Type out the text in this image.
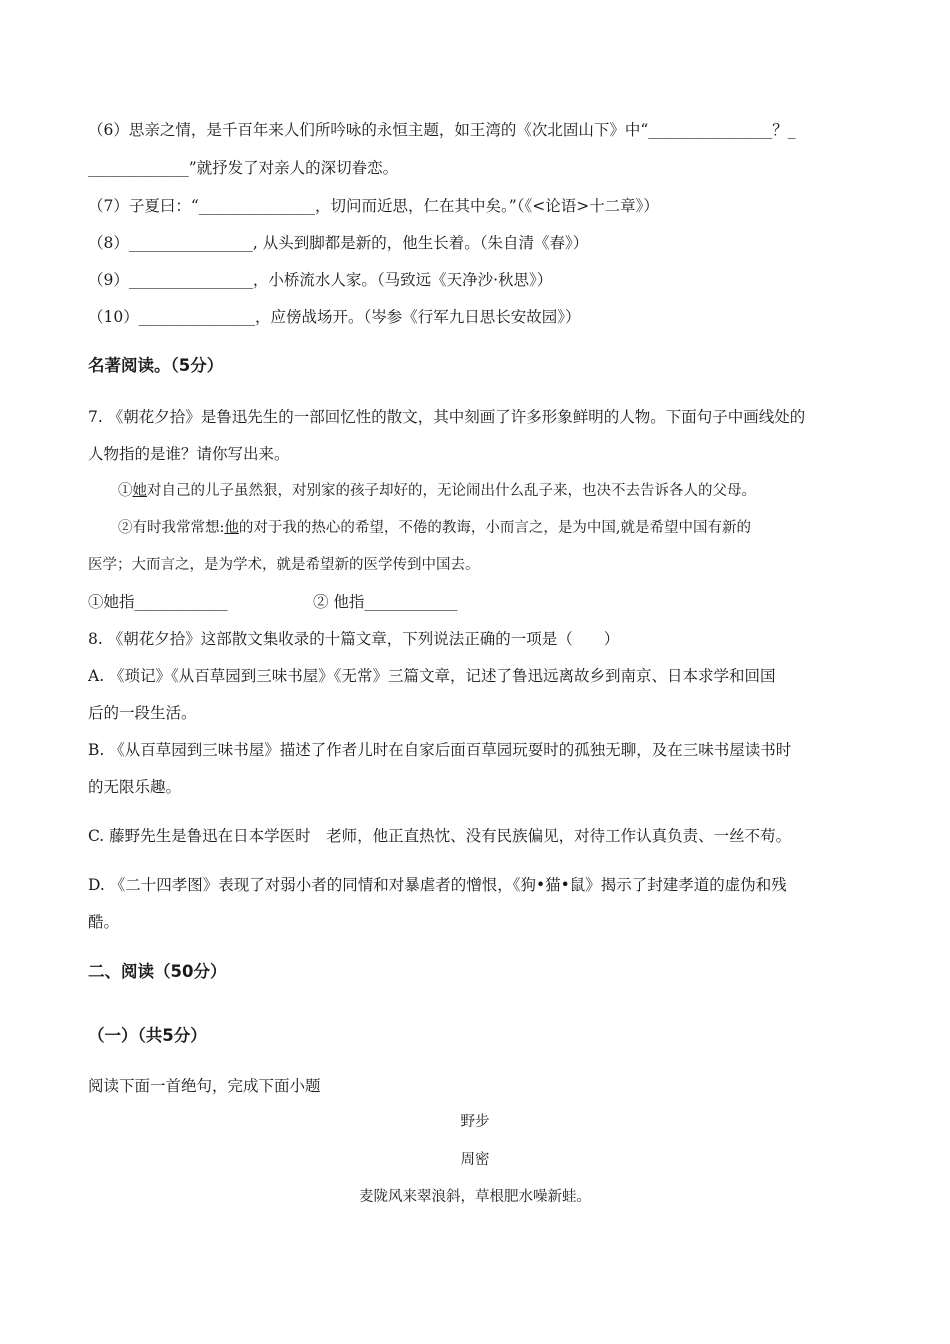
（6）思亲之情，是千百年来人们所吟咏的永恒主题，如王湾的《次北固山下》中“________________？_
_____________”就抒发了对亲人的深切眷恋。
（7）子夏曰：“_______________，切问而近思，仁在其中矣。”（《<论语>十二章》）
（8）________________, 从头到脚都是新的，他生长着。（朱自清《春》）
（9）________________，小桥流水人家。（马致远《天净沙·秋思》）
（10）_______________，应傍战场开。（岑参《行军九日思长安故园》）
名著阅读。（5分）
7. 《朝花夕拾》是鲁迅先生的一部回忆性的散文，其中刻画了许多形象鲜明的人物。下面句子中画线处的
人物指的是谁？请你写出来。
①她对自己的儿子虽然狠，对别家的孩子却好的，无论闹出什么乱子来，也决不去告诉各人的父母。
②有时我常常想:他的对于我的热心的希望，不倦的教诲，小而言之，是为中国,就是希望中国有新的
医学；大而言之，是为学术，就是希望新的医学传到中国去。
①她指____________	② 他指____________
8. 《朝花夕拾》这部散文集收录的十篇文章，下列说法正确的一项是（　　）
A. 《琐记》《从百草园到三味书屋》《无常》三篇文章，记述了鲁迅远离故乡到南京、日本求学和回国
后的一段生活。
B. 《从百草园到三味书屋》描述了作者儿时在自家后面百草园玩耍时的孤独无聊，及在三味书屋读书时
的无限乐趣。
C. 藤野先生是鲁迅在日本学医时　老师，他正直热忱、没有民族偏见，对待工作认真负责、一丝不苟。
D. 《二十四孝图》表现了对弱小者的同情和对暴虐者的憎恨，《狗•猫•鼠》揭示了封建孝道的虚伪和残
酷。
二、阅读（50分）
（一）（共5分）
阅读下面一首绝句，完成下面小题
野步
周密
麦陇风来翠浪斜，草根肥水噪新蛙。
